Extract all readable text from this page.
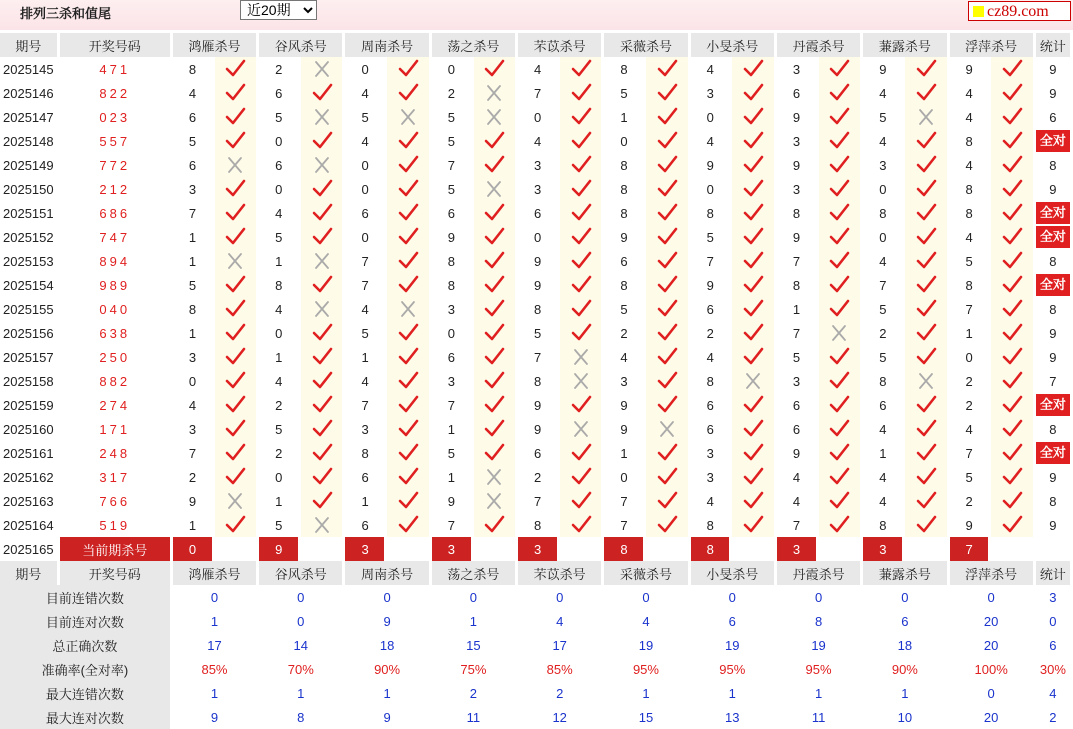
排列三杀和值尾
近20期	cz89.com
期号	开奖号码	鸿雁杀号		谷风杀号		周南杀号		荡之杀号		芣苡杀号		采薇杀号		小旻杀号		丹霞杀号		蒹露杀号		浮萍杀号		统计
2025145	471	8		2		0		0		4		8		4		3		9		9		9
2025146	822	4		6		4		2		7		5		3		6		4		4		9
2025147	023	6		5		5		5		0		1		0		9		5		4		6
2025148	557	5		0		4		5		4		0		4		3		4		8		全对
2025149	772	6		6		0		7		3		8		9		9		3		4		8
2025150	212	3		0		0		5		3		8		0		3		0		8		9
2025151	686	7		4		6		6		6		8		8		8		8		8		全对
2025152	747	1		5		0		9		0		9		5		9		0		4		全对
2025153	894	1		1		7		8		9		6		7		7		4		5		8
2025154	989	5		8		7		8		9		8		9		8		7		8		全对
2025155	040	8		4		4		3		8		5		6		1		5		7		8
2025156	638	1		0		5		0		5		2		2		7		2		1		9
2025157	250	3		1		1		6		7		4		4		5		5		0		9
2025158	882	0		4		4		3		8		3		8		3		8		2		7
2025159	274	4		2		7		7		9		9		6		6		6		2		全对
2025160	171	3		5		3		1		9		9		6		6		4		4		8
2025161	248	7		2		8		5		6		1		3		9		1		7		全对
2025162	317	2		0		6		1		2		0		3		4		4		5		9
2025163	766	9		1		1		9		7		7		4		4		4		2		8
2025164	519	1		5		6		7		8		7		8		7		8		9		9
2025165	当前期杀号	0		9		3		3		3		8		8		3		3		7		
期号	开奖号码	鸿雁杀号		谷风杀号		周南杀号		荡之杀号		芣苡杀号		采薇杀号		小旻杀号		丹霞杀号		蒹露杀号		浮萍杀号		统计
目前连错次数		0		0		0		0		0		0		0		0		0		0		3
目前连对次数		1		0		9		1		4		4		6		8		6		20		0
总正确次数		17		14		18		15		17		19		19		19		18		20		6
准确率(全对率)		85%		70%		90%		75%		85%		95%		95%		95%		90%		100%		30%
最大连错次数		1		1		1		2		2		1		1		1		1		0		4
最大连对次数		9		8		9		11		12		15		13		11		10		20		2
